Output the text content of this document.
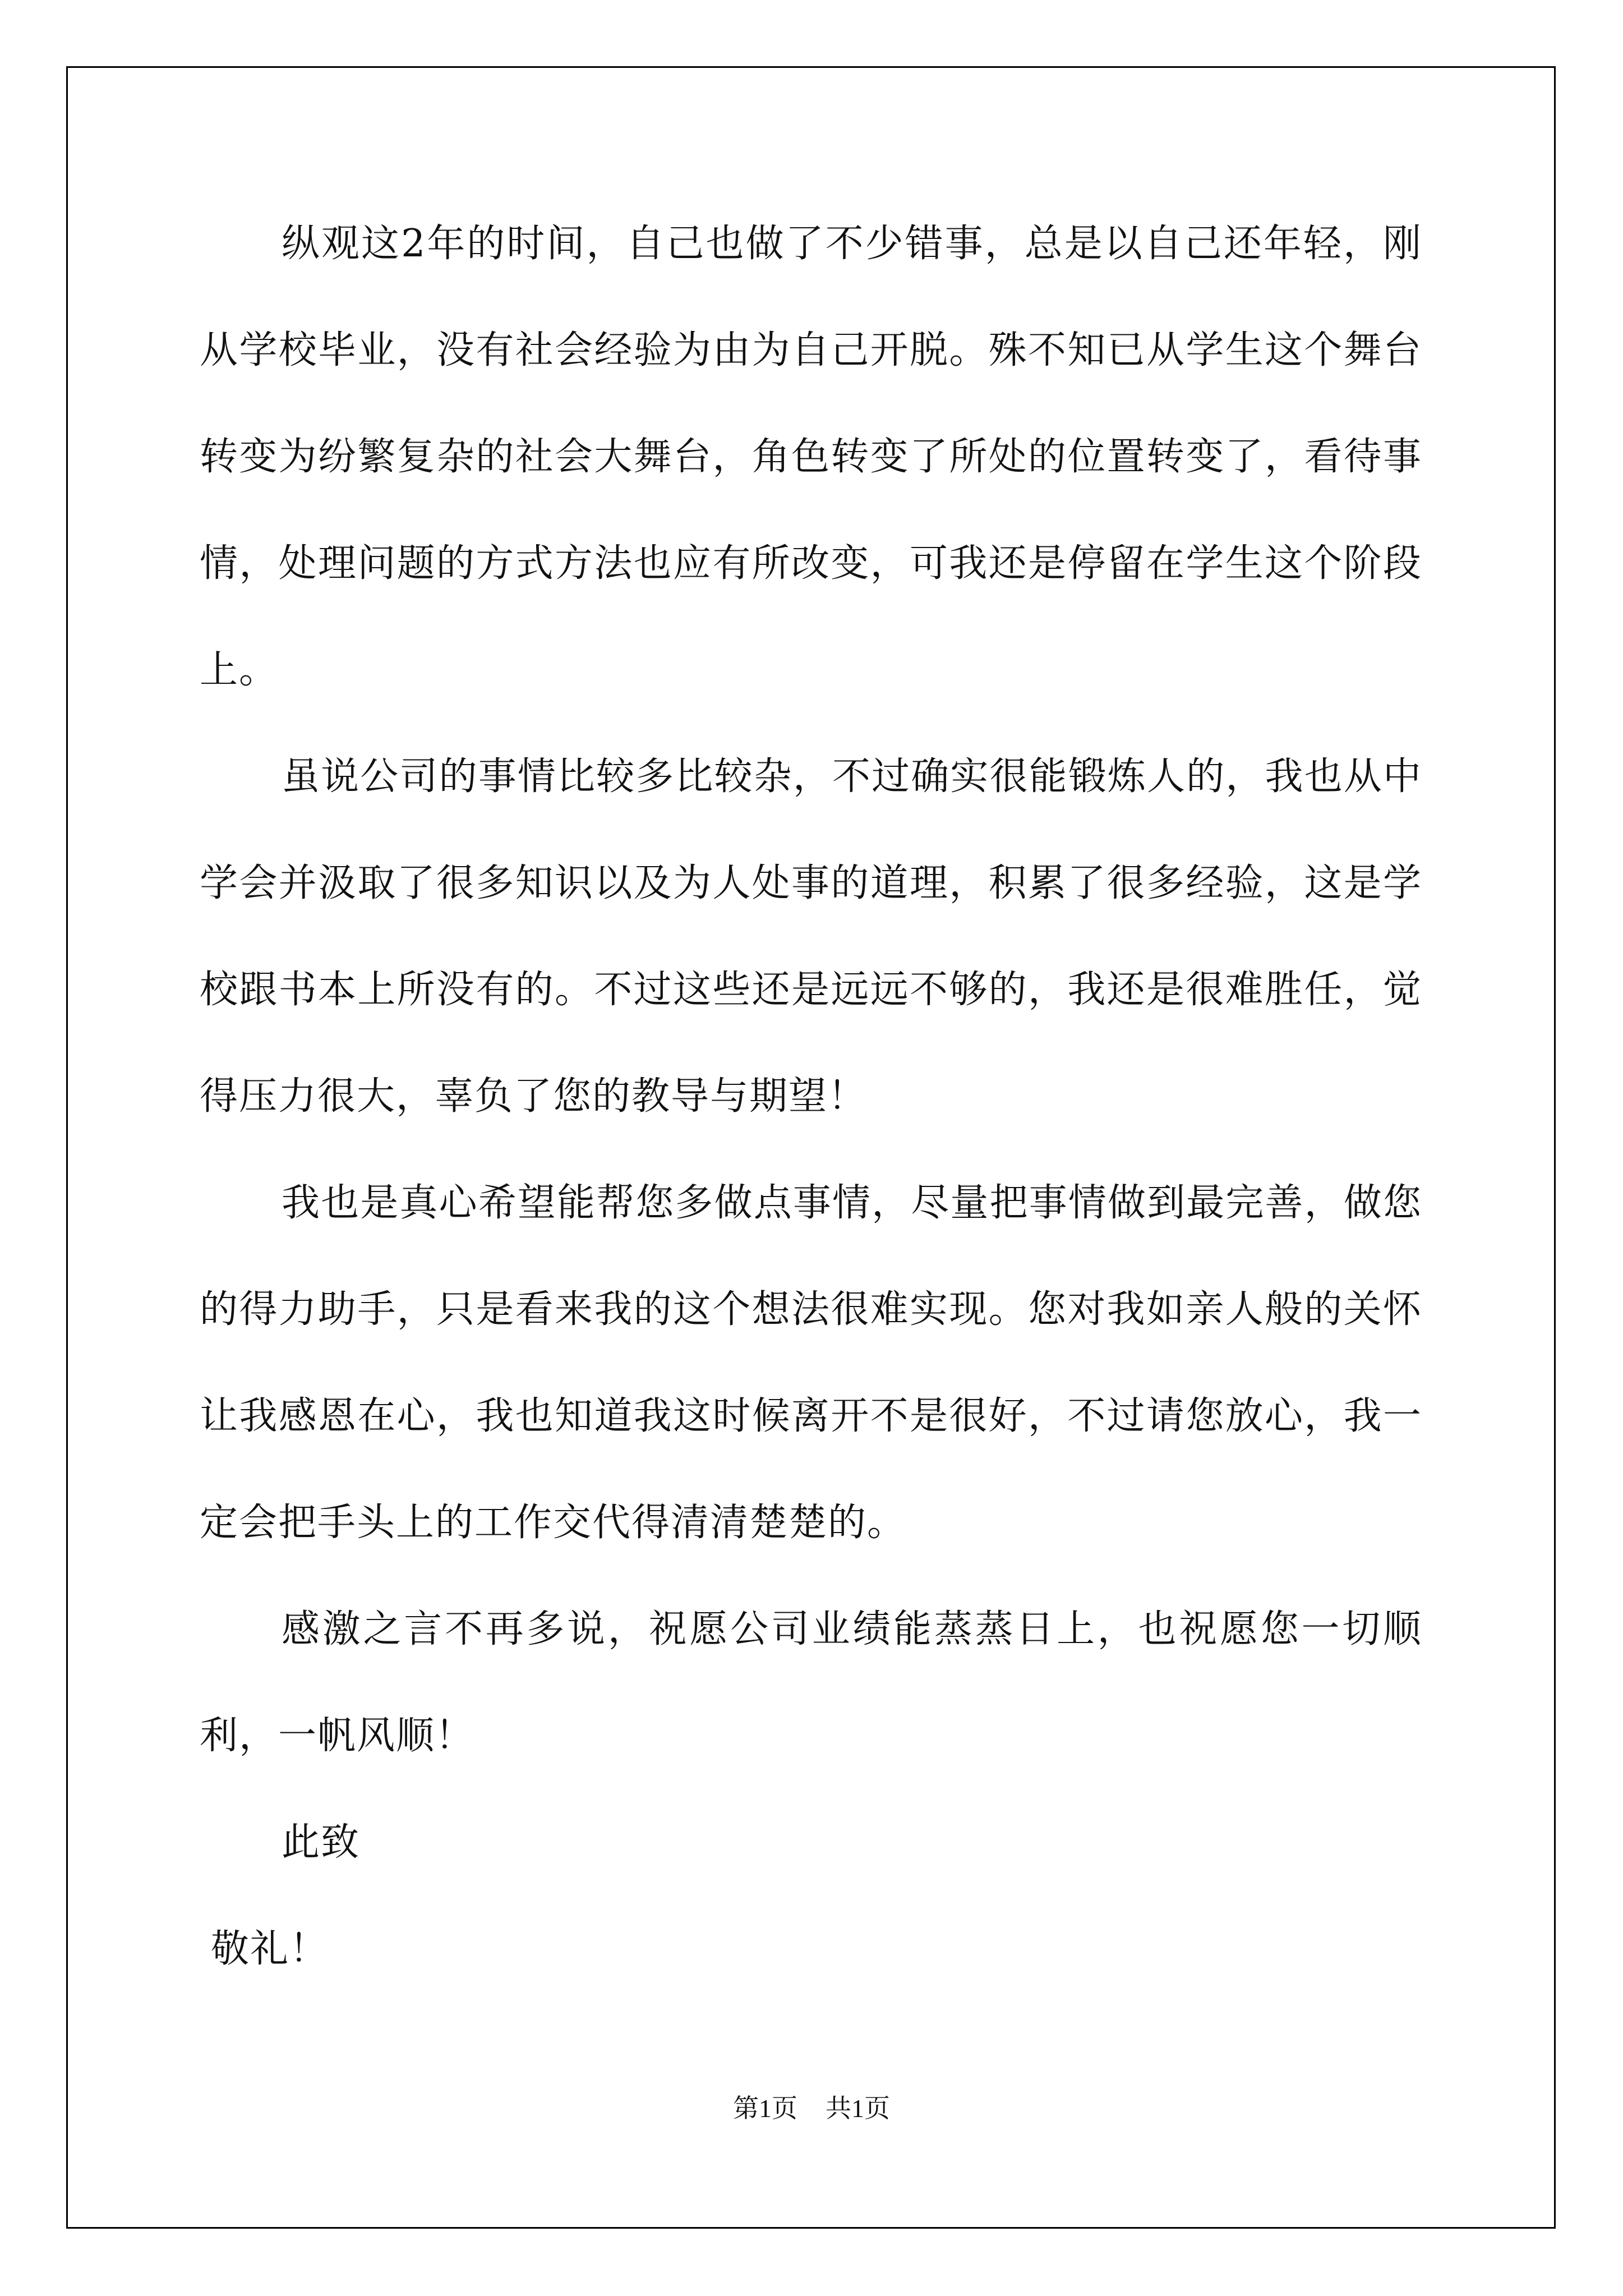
纵观这2年的时间，自己也做了不少错事，总是以自己还年轻，刚从学校毕业，没有社会经验为由为自己开脱。殊不知已从学生这个舞台转变为纷繁复杂的社会大舞台，角色转变了所处的位置转变了，看待事情，处理问题的方式方法也应有所改变，可我还是停留在学生这个阶段上。

虽说公司的事情比较多比较杂，不过确实很能锻炼人的，我也从中学会并汲取了很多知识以及为人处事的道理，积累了很多经验，这是学校跟书本上所没有的。不过这些还是远远不够的，我还是很难胜任，觉得压力很大，辜负了您的教导与期望！

我也是真心希望能帮您多做点事情，尽量把事情做到最完善，做您的得力助手，只是看来我的这个想法很难实现。您对我如亲人般的关怀让我感恩在心，我也知道我这时候离开不是很好，不过请您放心，我一定会把手头上的工作交代得清清楚楚的。

感激之言不再多说，祝愿公司业绩能蒸蒸日上，也祝愿您一切顺利，一帆风顺！

此致

敬礼！

第1页 共1页
